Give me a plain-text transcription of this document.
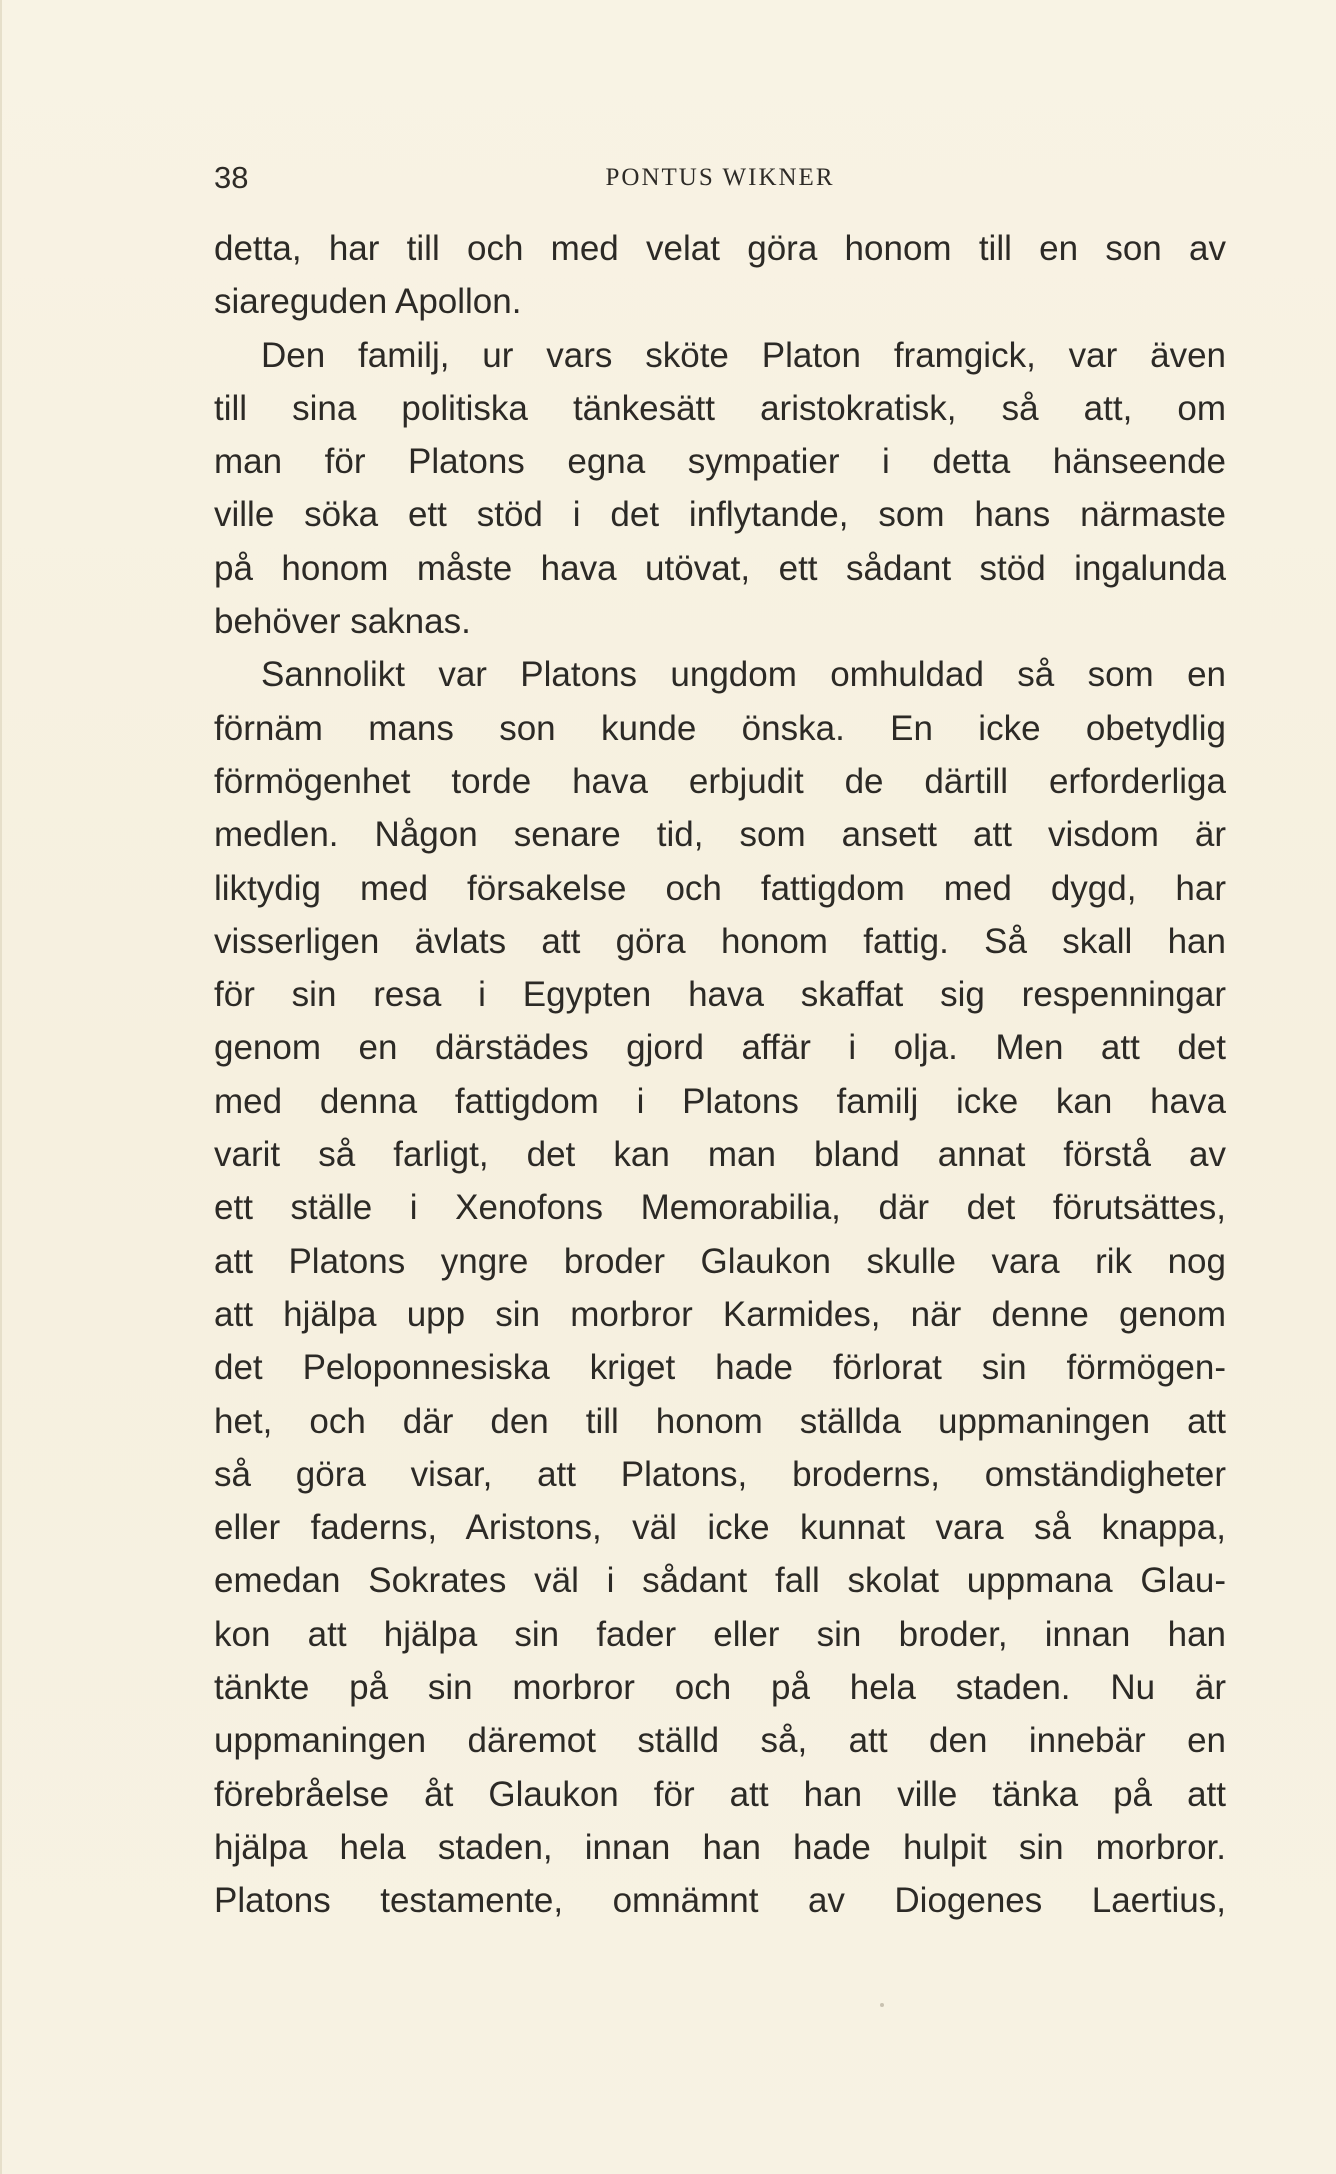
38	PONTUS WIKNER
detta, har till och med velat göra honom till en son av
siareguden Apollon.
Den familj, ur vars sköte Platon framgick, var även
till sina politiska tänkesätt aristokratisk, så att, om
man för Platons egna sympatier i detta hänseende
ville söka ett stöd i det inflytande, som hans närmaste
på honom måste hava utövat, ett sådant stöd ingalunda
behöver saknas.
Sannolikt var Platons ungdom omhuldad så som en
förnäm mans son kunde önska. En icke obetydlig
förmögenhet torde hava erbjudit de därtill erforderliga
medlen. Någon senare tid, som ansett att visdom är
liktydig med försakelse och fattigdom med dygd, har
visserligen ävlats att göra honom fattig. Så skall han
för sin resa i Egypten hava skaffat sig respenningar
genom en därstädes gjord affär i olja. Men att det
med denna fattigdom i Platons familj icke kan hava
varit så farligt, det kan man bland annat förstå av
ett ställe i Xenofons Memorabilia, där det förutsättes,
att Platons yngre broder Glaukon skulle vara rik nog
att hjälpa upp sin morbror Karmides, när denne genom
det Peloponnesiska kriget hade förlorat sin förmögen-
het, och där den till honom ställda uppmaningen att
så göra visar, att Platons, broderns, omständigheter
eller faderns, Aristons, väl icke kunnat vara så knappa,
emedan Sokrates väl i sådant fall skolat uppmana Glau-
kon att hjälpa sin fader eller sin broder, innan han
tänkte på sin morbror och på hela staden. Nu är
uppmaningen däremot ställd så, att den innebär en
förebråelse åt Glaukon för att han ville tänka på att
hjälpa hela staden, innan han hade hulpit sin morbror.
Platons testamente, omnämnt av Diogenes Laertius,
